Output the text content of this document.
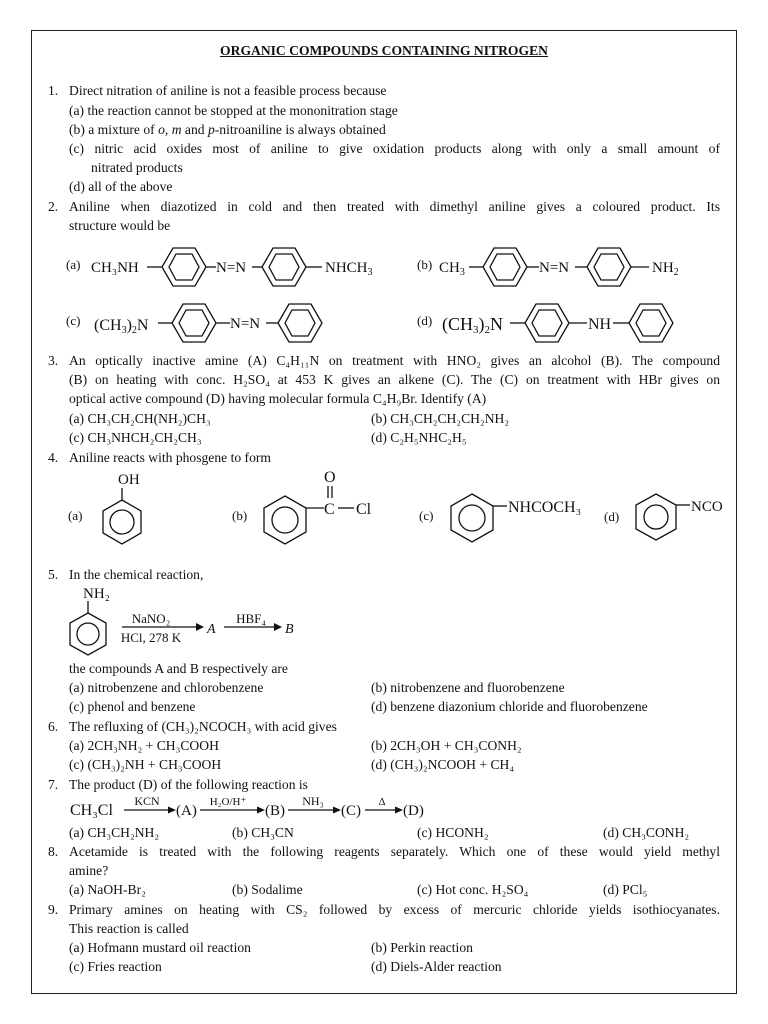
ORGANIC COMPOUNDS CONTAINING NITROGEN
1. Direct nitration of aniline is not a feasible process because
(a) the reaction cannot be stopped at the mononitration stage
(b) a mixture of o, m and p-nitroaniline is always obtained
(c) nitric acid oxides most of aniline to give oxidation products along with only a small amount of
nitrated products
(d) all of the above
2. Aniline when diazotized in cold and then treated with dimethyl aniline gives a coloured product. Its
structure would be
(a) CH₃NH	N=N	$NHCH_3$
(b) $CH_3$	N=N	$NH_2$
(c) (CH3)2N	N=N	(d) (CH3)2N	NH
3. An optically inactive amine (A) C₄H₁₁N on treatment with HNO₂ gives an alcohol (B). The compound
(B) on heating with conc. H₂SO₄ at 453 K gives an alkene (C). The (C) on treatment with HBr gives on
optical active compound (D) having molecular formula C₄H₉Br. Identify (A)
(a) CH₃CH₂CH(NH₂)CH₃	(b) CH₃CH₂CH₂CH₂NH₂
(c) CH₃NHCH₂CH₂CH₃	(d) C₂H₅NHC₂H₅
4. Aniline reacts with phosgene to form
(a)
OH
(b)	C
O
Cl	(c)	NHCOCH₃
(d)
NCO
5. In the chemical reaction,
NH₂
NaNO₂
HCl, 278 K
A
HBF₄
B
the compounds A and B respectively are
(a) nitrobenzene and chlorobenzene	(b) nitrobenzene and fluorobenzene
(c) phenol and benzene	(d) benzene diazonium chloride and fluorobenzene
6. The refluxing of (CH₃)₂NCOCH₃ with acid gives
(a) 2CH₃NH₂ + CH₃COOH	(b) 2CH₃OH + CH₃CONH₂
(c) (CH₃)₂NH + CH₃COOH	(d) (CH₃)₂NCOOH + CH₄
7. The product (D) of the following reaction is
CH₃Cl
KCN
(A)
H₂O/H⁺
(B)
NH₃
(C)
Δ
(D)
(a) CH₃CH₂NH₂	(b) CH₃CN	(c) HCONH₂	(d) CH₃CONH₂
8. Acetamide is treated with the following reagents separately. Which one of these would yield methyl
amine?
(a) NaOH-Br₂	(b) Sodalime	(c) Hot conc. H₂SO₄	(d) PCl₅
9. Primary amines on heating with CS₂ followed by excess of mercuric chloride yields isothiocyanates.
This reaction is called
(a) Hofmann mustard oil reaction	(b) Perkin reaction
(c) Fries reaction	(d) Diels-Alder reaction
